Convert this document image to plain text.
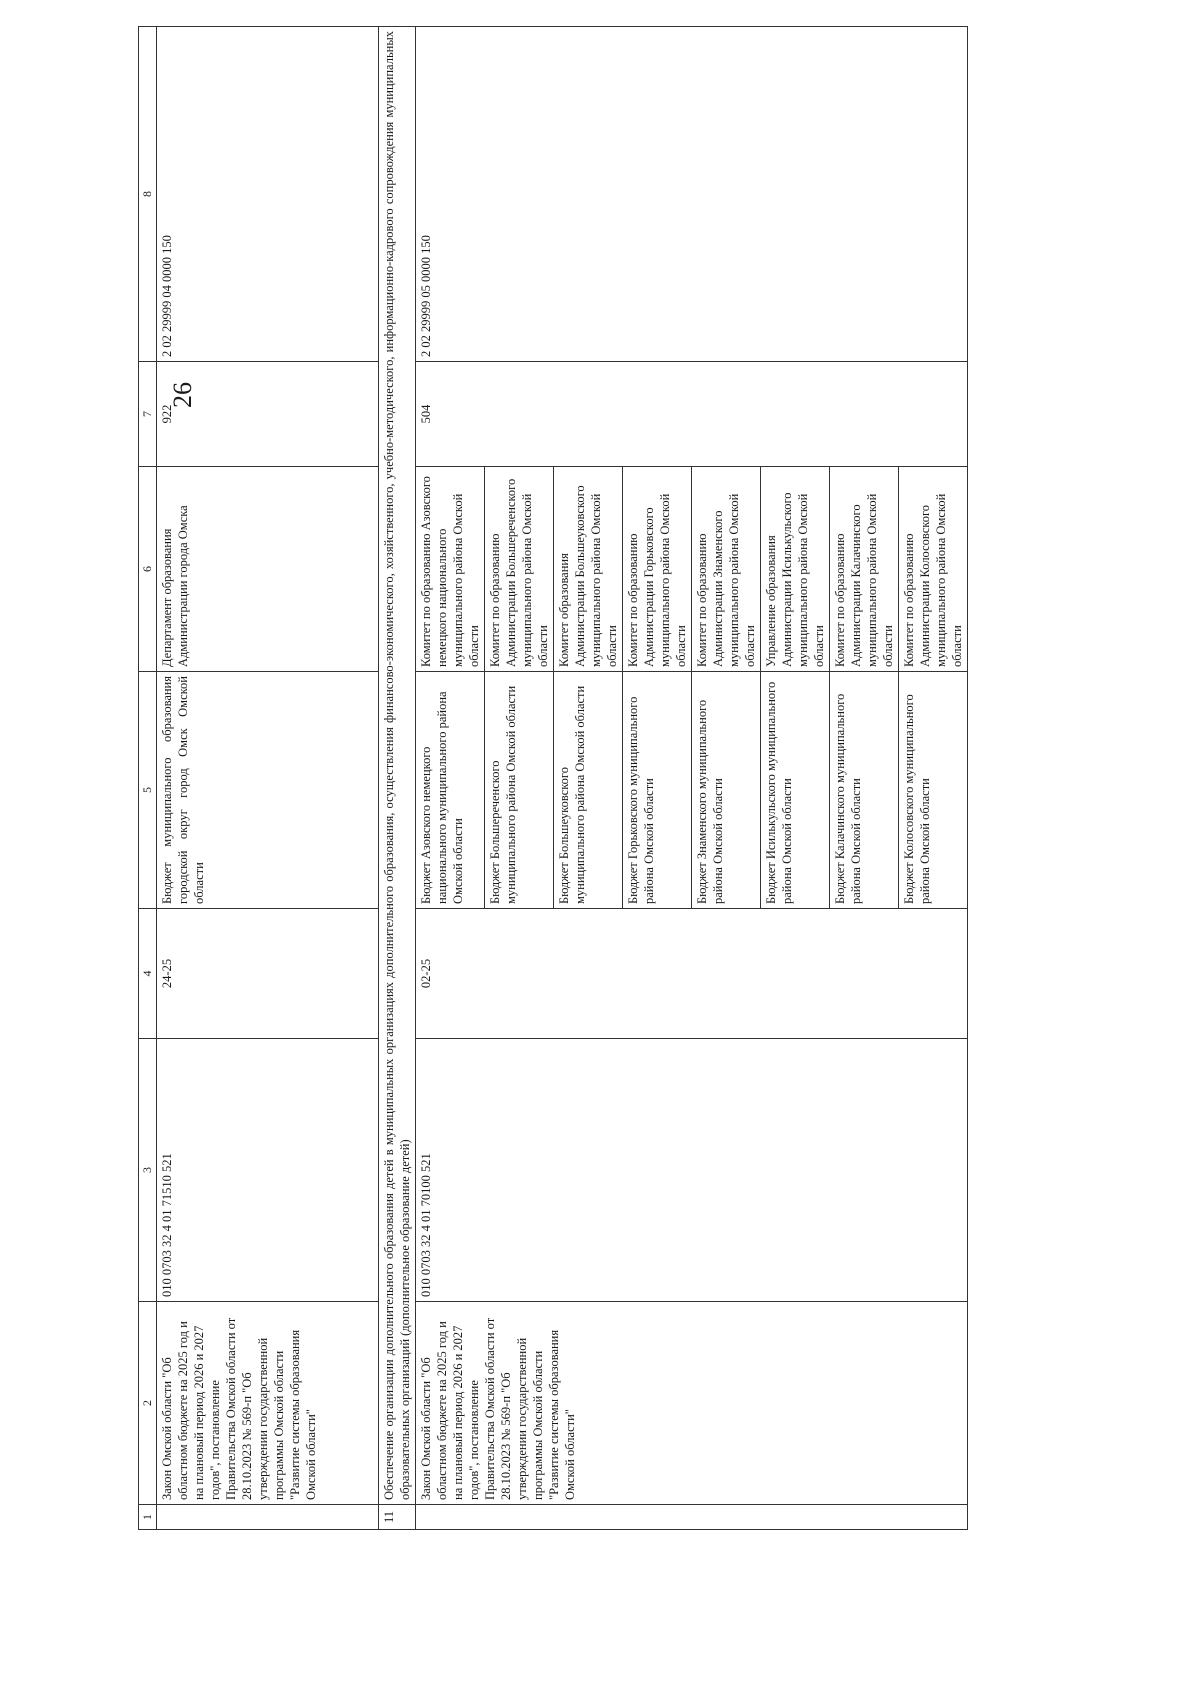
26
1	2	3	4	5	6	7	8
	Закон Омской области "Об областном бюджете на 2025 год и на плановый период 2026 и 2027 годов", постановление Правительства Омской области от 28.10.2023 № 569-п "Об утверждении государственной программы Омской области "Развитие системы образования Омской области"	010 0703 32 4 01 71510 521	24-25	Бюджет муниципального образования городской округ город Омск Омской области	Департамент образования Администрации города Омска	922	2 02 29999 04 0000 150
11	Обеспечение организации дополнительного образования детей в муниципальных организациях дополнительного образования, осуществления финансово-экономического, хозяйственного, учебно-методического, информационно-кадрового сопровождения муниципальных образовательных организаций (дополнительное образование детей)						
	Закон Омской области "Об областном бюджете на 2025 год и на плановый период 2026 и 2027 годов", постановление Правительства Омской области от 28.10.2023 № 569-п "Об утверждении государственной программы Омской области "Развитие системы образования Омской области"	010 0703 32 4 01 70100 521	02-25	Бюджет Азовского немецкого национального муниципального района Омской области	Комитет по образованию Азовского немецкого национального муниципального района Омской области	504	2 02 29999 05 0000 150
				Бюджет Большереченского муниципального района Омской области	Комитет по образованию Администрации Большереченского муниципального района Омской области		
				Бюджет Большеуковского муниципального района Омской области	Комитет образования Администрации Большеуковского муниципального района Омской области		
				Бюджет Горьковского муниципального района Омской области	Комитет по образованию Администрации Горьковского муниципального района Омской области		
				Бюджет Знаменского муниципального района Омской области	Комитет по образованию Администрации Знаменского муниципального района Омской области		
				Бюджет Исилькульского муниципального района Омской области	Управление образования Администрации Исилькульского муниципального района Омской области		
				Бюджет Калачинского муниципального района Омской области	Комитет по образованию Администрации Калачинского муниципального района Омской области		
				Бюджет Колосовского муниципального района Омской области	Комитет по образованию Администрации Колосовского муниципального района Омской области		
